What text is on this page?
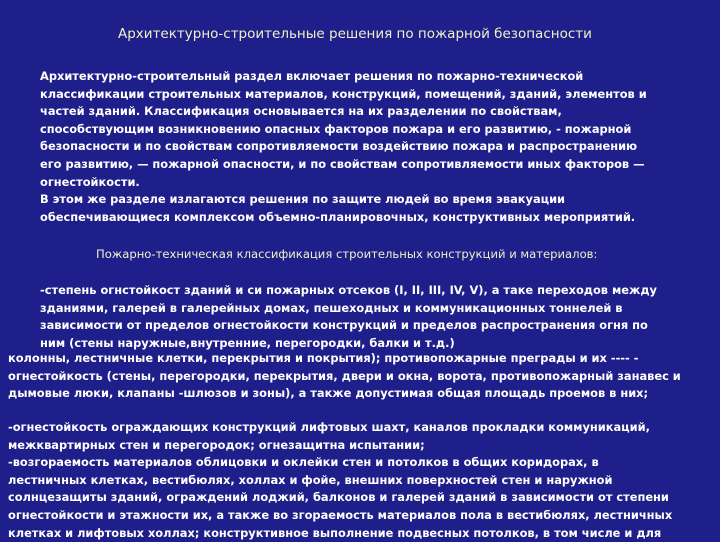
Архитектурно-строительные решения по пожарной безопасности

Архитектурно-строительный раздел включает решения по пожарно-технической

классификации строительных материалов, конструкций, помещений, зданий, элементов и

частей зданий. Классификация основывается на их разделении по свойствам,

способствующим возникновению опасных факторов пожара и его развитию, - пожарной

безопасности и по свойствам сопротивляемости воздействию пожара и распространению

его развитию, — пожарной опасности, и по свойствам сопротивляемости иных факторов —

огнестойкости.

В этом же разделе излагаются решения по защите людей во время эвакуации

обеспечивающиеся комплексом объемно-планировочных, конструктивных мероприятий.

Пожарно-техническая классификация строительных конструкций и материалов:

-степень огнстойкост зданий и си пожарных отсеков (I, II, III, IV, V), а таке переходов между

зданиями, галерей в галерейных домах, пешеходных и коммуникационных тоннелей в

зависимости от пределов огнестойкости конструкций и пределов распространения огня по

ним (стены наружные,внутренние, перегородки, балки и т.д.)

колонны, лестничные клетки, перекрытия и покрытия); противопожарные преграды и их ---- -

огнестойкость (стены, перегородки, перекрытия, двери и окна, ворота, противопожарный занавес и

дымовые люки, клапаны -шлюзов и зоны), а также допустимая общая площадь проемов в них;

-огнестойкость ограждающих конструкций лифтовых шахт, каналов прокладки коммуникаций,

межквартирных стен и перегородок; огнезащитна испытании;

-возгораемость материалов облицовки и оклейки стен и потолков в общих коридорах, в

лестничных клетках, вестибюлях, холлах и фойе, внешних поверхностей стен и наружной

солнцезащиты зданий, ограждений лоджий, балконов и галерей зданий в зависимости от степени

огнестойкости и этажности их, а также во згораемость материалов пола в вестибюлях, лестничных

клетках и лифтовых холлах; конструктивное выполнение подвесных потолков, в том числе и для
